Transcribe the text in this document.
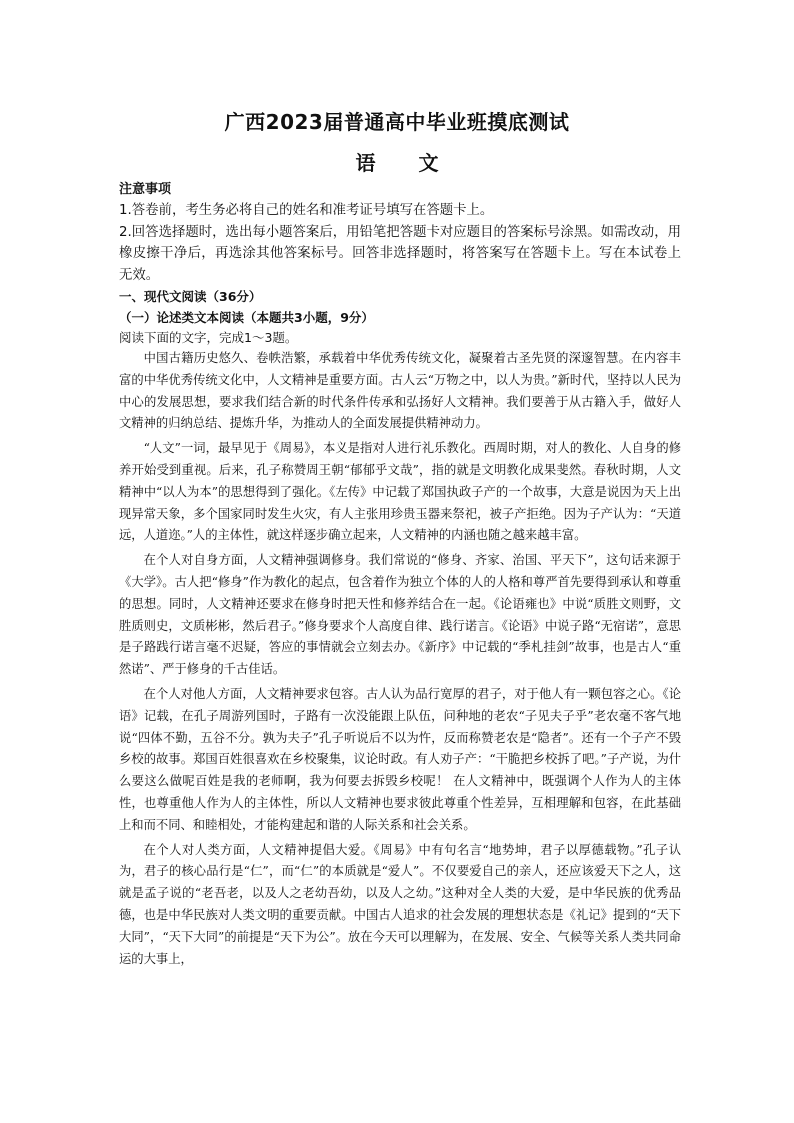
广西2023届普通高中毕业班摸底测试
语 文
注意事项
1.答卷前，考生务必将自己的姓名和准考证号填写在答题卡上。
2.回答选择题时，选出每小题答案后，用铅笔把答题卡对应题目的答案标号涂黑。如需改动，用橡皮擦干净后，再选涂其他答案标号。回答非选择题时，将答案写在答题卡上。写在本试卷上无效。
一、现代文阅读（36分）
（一）论述类文本阅读（本题共3小题，9分）
阅读下面的文字，完成1～3题。

中国古籍历史悠久、卷帙浩繁，承载着中华优秀传统文化，凝聚着古圣先贤的深邃智慧。在内容丰富的中华优秀传统文化中，人文精神是重要方面。古人云“万物之中，以人为贵。”新时代，坚持以人民为中心的发展思想，要求我们结合新的时代条件传承和弘扬好人文精神。我们要善于从古籍入手，做好人文精神的归纳总结、提炼升华，为推动人的全面发展提供精神动力。

“人文”一词，最早见于《周易》，本义是指对人进行礼乐教化。西周时期，对人的教化、人自身的修养开始受到重视。后来，孔子称赞周王朝“郁郁乎文哉”，指的就是文明教化成果斐然。春秋时期，人文精神中“以人为本”的思想得到了强化。《左传》中记载了郑国执政子产的一个故事，大意是说因为天上出现异常天象，多个国家同时发生火灾，有人主张用珍贵玉器来祭祀，被子产拒绝。因为子产认为：“天道远，人道迩。”人的主体性，就这样逐步确立起来，人文精神的内涵也随之越来越丰富。

在个人对自身方面，人文精神强调修身。我们常说的“修身、齐家、治国、平天下”，这句话来源于《大学》。古人把“修身”作为教化的起点，包含着作为独立个体的人的人格和尊严首先要得到承认和尊重的思想。同时，人文精神还要求在修身时把天性和修养结合在一起。《论语雍也》中说“质胜文则野，文胜质则史，文质彬彬，然后君子。”修身要求个人高度自律、践行诺言。《论语》中说子路“无宿诺”，意思是子路践行诺言毫不迟疑，答应的事情就会立刻去办。《新序》中记载的“季札挂剑”故事，也是古人“重然诺”、严于修身的千古佳话。

在个人对他人方面，人文精神要求包容。古人认为品行宽厚的君子，对于他人有一颗包容之心。《论语》记载，在孔子周游列国时，子路有一次没能跟上队伍，问种地的老农“子见夫子乎”老农毫不客气地说“四体不勤，五谷不分。孰为夫子”孔子听说后不以为忤，反而称赞老农是“隐者”。还有一个子产不毁乡校的故事。郑国百姓很喜欢在乡校聚集，议论时政。有人劝子产：“干脆把乡校拆了吧。”子产说，为什么要这么做呢百姓是我的老师啊，我为何要去拆毁乡校呢！ 在人文精神中，既强调个人作为人的主体性，也尊重他人作为人的主体性，所以人文精神也要求彼此尊重个性差异，互相理解和包容，在此基础上和而不同、和睦相处，才能构建起和谐的人际关系和社会关系。

在个人对人类方面，人文精神提倡大爱。《周易》中有句名言“地势坤，君子以厚德载物。”孔子认为，君子的核心品行是“仁”，而“仁”的本质就是“爱人”。不仅要爱自己的亲人，还应该爱天下之人，这就是孟子说的“老吾老，以及人之老幼吾幼，以及人之幼。”这种对全人类的大爱，是中华民族的优秀品德，也是中华民族对人类文明的重要贡献。中国古人追求的社会发展的理想状态是《礼记》提到的“天下大同”，“天下大同”的前提是“天下为公”。放在今天可以理解为，在发展、安全、气候等关系人类共同命运的大事上，
